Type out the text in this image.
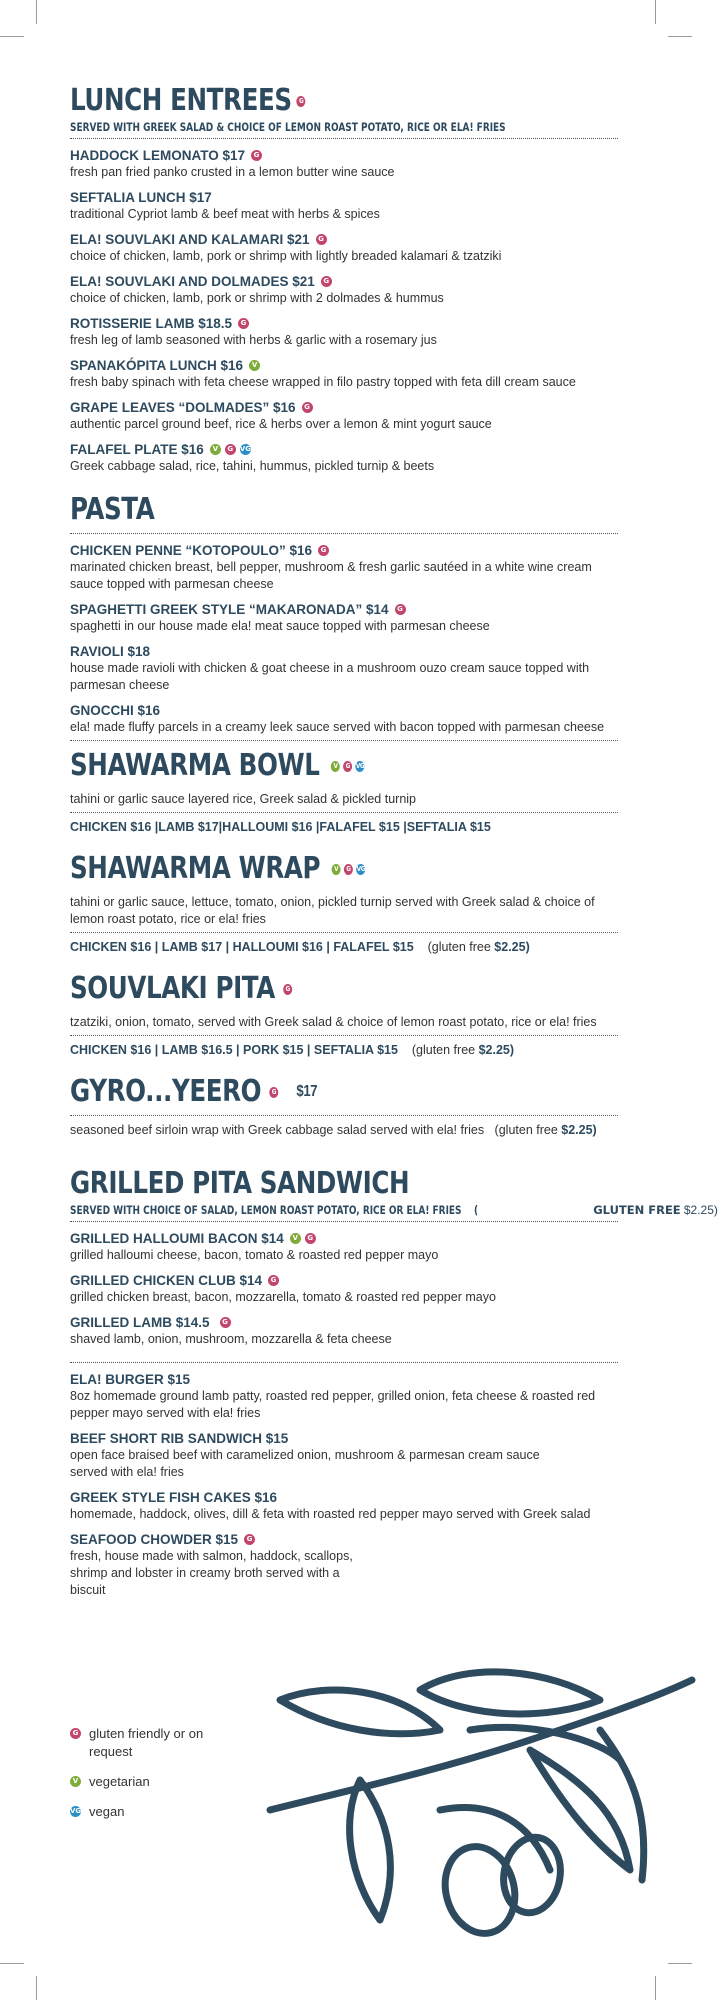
LUNCH ENTREES	G
SERVED WITH GREEK SALAD & CHOICE OF LEMON ROAST POTATO, RICE OR ELA! FRIES
HADDOCK LEMONATO $17	G
fresh pan fried panko crusted in a lemon butter wine sauce
SEFTALIA LUNCH $17
traditional Cypriot lamb & beef meat with herbs & spices
ELA! SOUVLAKI AND KALAMARI $21	G
choice of chicken, lamb, pork or shrimp with lightly breaded kalamari & tzatziki
ELA! SOUVLAKI AND DOLMADES $21	G
choice of chicken, lamb, pork or shrimp with 2 dolmades & hummus
ROTISSERIE LAMB $18.5	G
fresh leg of lamb seasoned with herbs & garlic with a rosemary jus
SPANAKÓPITA LUNCH $16	V
fresh baby spinach with feta cheese wrapped in filo pastry topped with feta dill cream sauce
GRAPE LEAVES “DOLMADES” $16	G
authentic parcel ground beef, rice & herbs over a lemon & mint yogurt sauce
FALAFEL PLATE $16	V	G VG
Greek cabbage salad, rice, tahini, hummus, pickled turnip & beets
PASTA
CHICKEN PENNE “KOTOPOULO” $16	G
marinated chicken breast, bell pepper, mushroom & fresh garlic sautéed in a white wine cream sauce topped with parmesan cheese
SPAGHETTI GREEK STYLE “MAKARONADA” $14	G
spaghetti in our house made ela! meat sauce topped with parmesan cheese
RAVIOLI $18
house made ravioli with chicken & goat cheese in a mushroom ouzo cream sauce topped with parmesan cheese
GNOCCHI $16
ela! made fluffy parcels in a creamy leek sauce served with bacon topped with parmesan cheese
SHAWARMA BOWL	V	G VG
tahini or garlic sauce layered rice, Greek salad & pickled turnip
CHICKEN $16 |LAMB $17|HALLOUMI $16 |FALAFEL $15 |SEFTALIA $15
SHAWARMA WRAP	V	G VG
tahini or garlic sauce, lettuce, tomato, onion, pickled turnip served with Greek salad & choice of lemon roast potato, rice or ela! fries
CHICKEN $16 | LAMB $17 | HALLOUMI $16 | FALAFEL $15 (gluten free $2.25)
SOUVLAKI PITA	G
tzatziki, onion, tomato, served with Greek salad & choice of lemon roast potato, rice or ela! fries
CHICKEN $16 | LAMB $16.5 | PORK $15 | SEFTALIA $15 (gluten free $2.25)
GYRO...YEERO	G $17
seasoned beef sirloin wrap with Greek cabbage salad served with ela! fries (gluten free $2.25)
GRILLED PITA SANDWICH
SERVED WITH CHOICE OF SALAD, LEMON ROAST POTATO, RICE OR ELA! FRIES (	GLUTEN FREE $2.25)
GRILLED HALLOUMI BACON $14	V	G
grilled halloumi cheese, bacon, tomato & roasted red pepper mayo
GRILLED CHICKEN CLUB $14	G
grilled chicken breast, bacon, mozzarella, tomato & roasted red pepper mayo
GRILLED LAMB $14.5	G
shaved lamb, onion, mushroom, mozzarella & feta cheese
ELA! BURGER $15
8oz homemade ground lamb patty, roasted red pepper, grilled onion, feta cheese & roasted red pepper mayo served with ela! fries
BEEF SHORT RIB SANDWICH $15
open face braised beef with caramelized onion, mushroom & parmesan cream sauce served with ela! fries
GREEK STYLE FISH CAKES $16
homemade, haddock, olives, dill & feta with roasted red pepper mayo served with Greek salad
SEAFOOD CHOWDER $15	G
fresh, house made with salmon, haddock, scallops, shrimp and lobster in creamy broth served with a biscuit
G gluten friendly or on request
V vegetarian
VG vegan
